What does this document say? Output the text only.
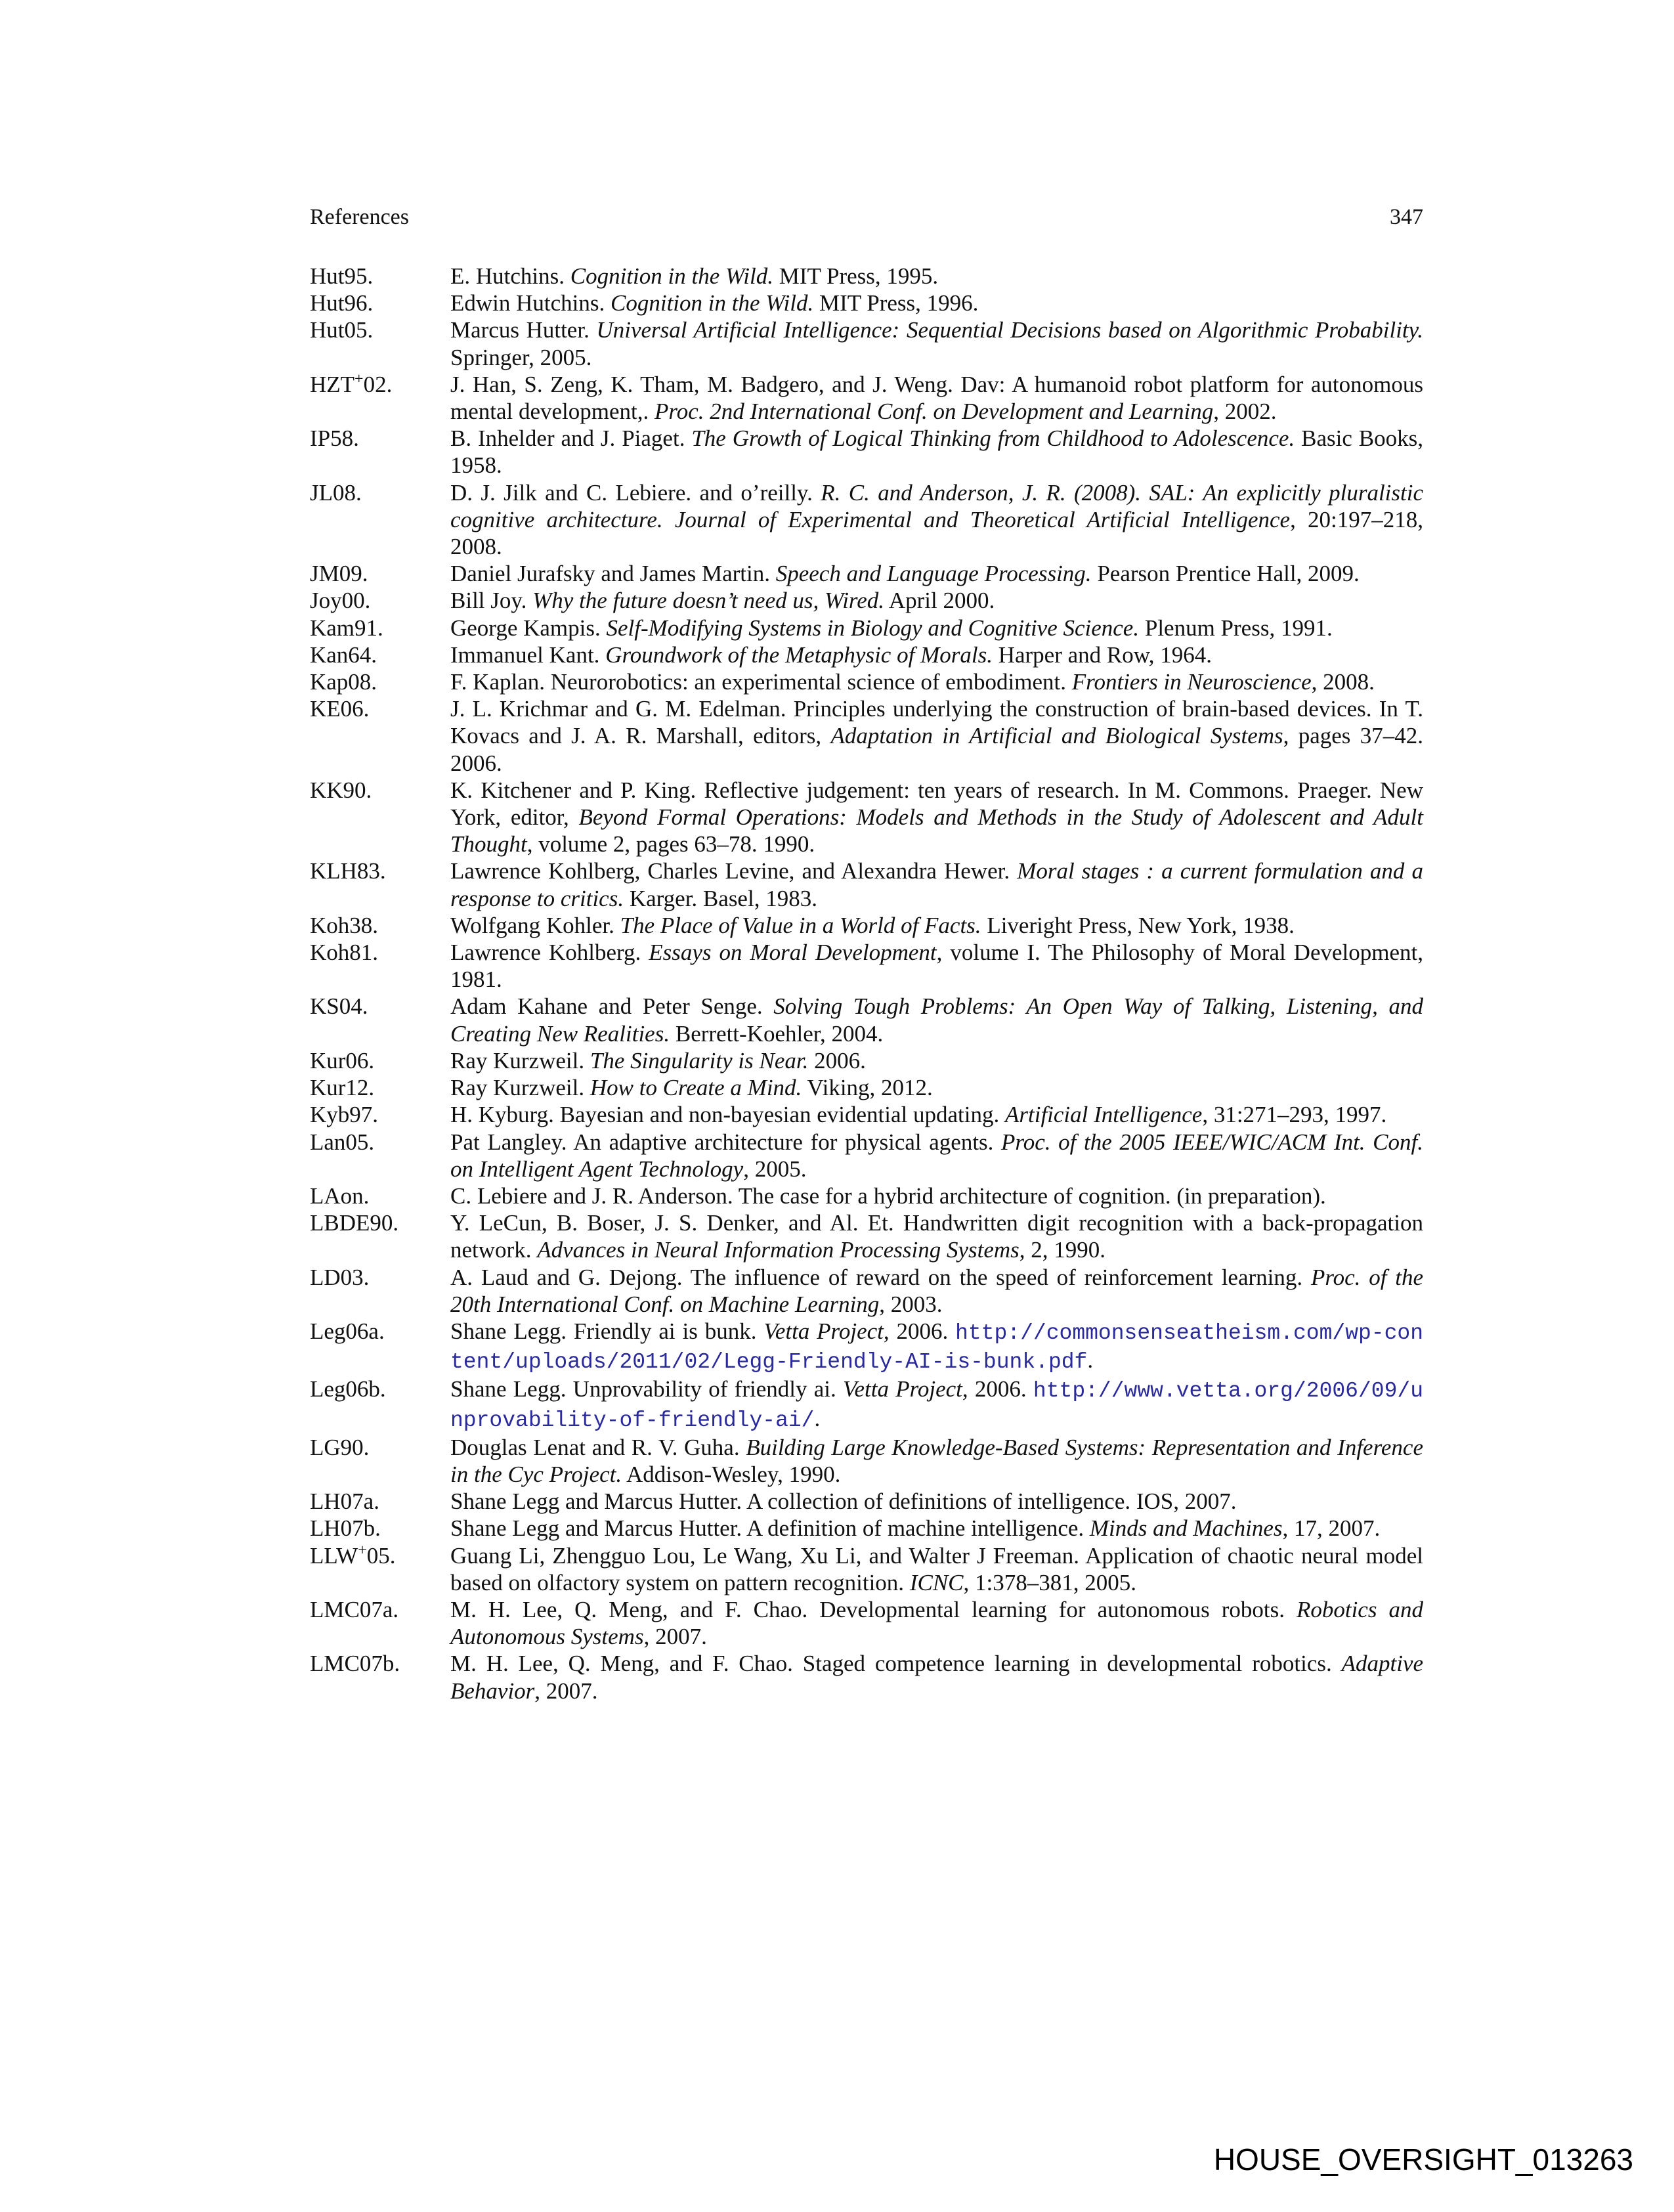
References	347
Hut95.	E. Hutchins. Cognition in the Wild. MIT Press, 1995.
Hut96.	Edwin Hutchins. Cognition in the Wild. MIT Press, 1996.
Hut05.	Marcus Hutter. Universal Artificial Intelligence: Sequential Decisions based on Algorithmic Probability. Springer, 2005.
HZT+02.	J. Han, S. Zeng, K. Tham, M. Badgero, and J. Weng. Dav: A humanoid robot platform for autonomous mental development,. Proc. 2nd International Conf. on Development and Learning, 2002.
IP58.	B. Inhelder and J. Piaget. The Growth of Logical Thinking from Childhood to Adolescence. Basic Books, 1958.
JL08.	D. J. Jilk and C. Lebiere. and o’reilly. R. C. and Anderson, J. R. (2008). SAL: An explicitly pluralistic cognitive architecture. Journal of Experimental and Theoretical Artificial Intelligence, 20:197–218, 2008.
JM09.	Daniel Jurafsky and James Martin. Speech and Language Processing. Pearson Prentice Hall, 2009.
Joy00.	Bill Joy. Why the future doesn’t need us, Wired. April 2000.
Kam91.	George Kampis. Self-Modifying Systems in Biology and Cognitive Science. Plenum Press, 1991.
Kan64.	Immanuel Kant. Groundwork of the Metaphysic of Morals. Harper and Row, 1964.
Kap08.	F. Kaplan. Neurorobotics: an experimental science of embodiment. Frontiers in Neuroscience, 2008.
KE06.	J. L. Krichmar and G. M. Edelman. Principles underlying the construction of brain-based devices. In T. Kovacs and J. A. R. Marshall, editors, Adaptation in Artificial and Biological Systems, pages 37–42. 2006.
KK90.	K. Kitchener and P. King. Reflective judgement: ten years of research. In M. Commons. Praeger. New York, editor, Beyond Formal Operations: Models and Methods in the Study of Adolescent and Adult Thought, volume 2, pages 63–78. 1990.
KLH83.	Lawrence Kohlberg, Charles Levine, and Alexandra Hewer. Moral stages : a current formulation and a response to critics. Karger. Basel, 1983.
Koh38.	Wolfgang Kohler. The Place of Value in a World of Facts. Liveright Press, New York, 1938.
Koh81.	Lawrence Kohlberg. Essays on Moral Development, volume I. The Philosophy of Moral Development, 1981.
KS04.	Adam Kahane and Peter Senge. Solving Tough Problems: An Open Way of Talking, Listening, and Creating New Realities. Berrett-Koehler, 2004.
Kur06.	Ray Kurzweil. The Singularity is Near. 2006.
Kur12.	Ray Kurzweil. How to Create a Mind. Viking, 2012.
Kyb97.	H. Kyburg. Bayesian and non-bayesian evidential updating. Artificial Intelligence, 31:271–293, 1997.
Lan05.	Pat Langley. An adaptive architecture for physical agents. Proc. of the 2005 IEEE/WIC/ACM Int. Conf. on Intelligent Agent Technology, 2005.
LAon.	C. Lebiere and J. R. Anderson. The case for a hybrid architecture of cognition. (in preparation).
LBDE90.	Y. LeCun, B. Boser, J. S. Denker, and Al. Et. Handwritten digit recognition with a back-propagation network. Advances in Neural Information Processing Systems, 2, 1990.
LD03.	A. Laud and G. Dejong. The influence of reward on the speed of reinforcement learning. Proc. of the 20th International Conf. on Machine Learning, 2003.
Leg06a.	Shane Legg. Friendly ai is bunk. Vetta Project, 2006. http://commonsenseatheism.com/wp-content/uploads/2011/02/Legg-Friendly-AI-is-bunk.pdf.
Leg06b.	Shane Legg. Unprovability of friendly ai. Vetta Project, 2006. http://www.vetta.org/2006/09/unprovability-of-friendly-ai/.
LG90.	Douglas Lenat and R. V. Guha. Building Large Knowledge-Based Systems: Representation and Inference in the Cyc Project. Addison-Wesley, 1990.
LH07a.	Shane Legg and Marcus Hutter. A collection of definitions of intelligence. IOS, 2007.
LH07b.	Shane Legg and Marcus Hutter. A definition of machine intelligence. Minds and Machines, 17, 2007.
LLW+05.	Guang Li, Zhengguo Lou, Le Wang, Xu Li, and Walter J Freeman. Application of chaotic neural model based on olfactory system on pattern recognition. ICNC, 1:378–381, 2005.
LMC07a.	M. H. Lee, Q. Meng, and F. Chao. Developmental learning for autonomous robots. Robotics and Autonomous Systems, 2007.
LMC07b.	M. H. Lee, Q. Meng, and F. Chao. Staged competence learning in developmental robotics. Adaptive Behavior, 2007.
HOUSE_OVERSIGHT_013263
